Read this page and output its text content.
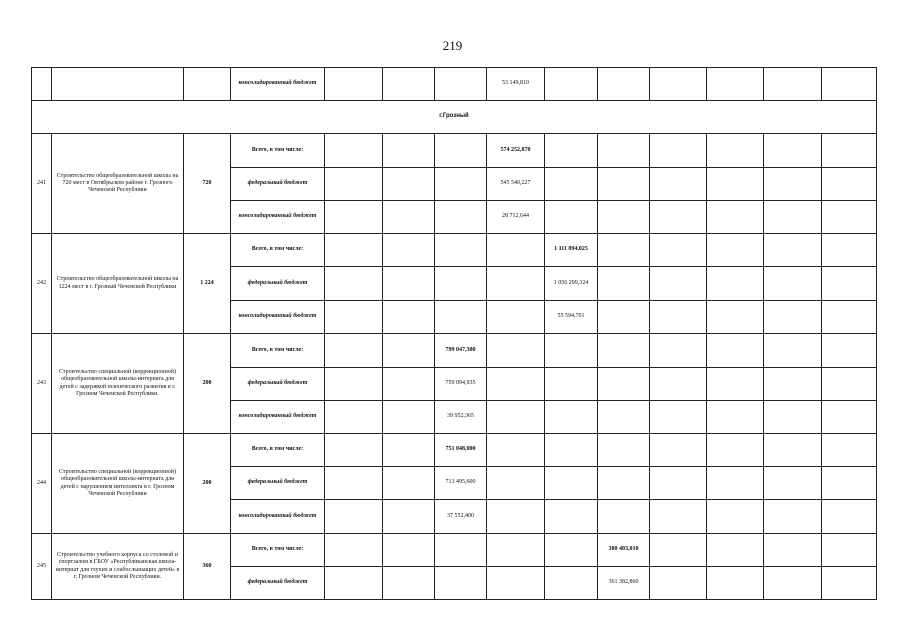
219
			консолидированный бюджет				53 149,810						
г.Грозный													
241	Строительство общеобразовательной школы на 720 мест в Октябрьском районе г. Грозного Чеченской Республики	720	Всего, в том числе:				574 252,870						
			федеральный бюджет				545 540,227						
			консолидированный бюджет				28 712,644						
242	Строительство общеобразовательной школы на 1224 мест в г. Грозный Чеченской Республики	1 224	Всего, в том числе:					1 111 894,025					
			федеральный бюджет					1 056 299,324					
			консолидированный бюджет					55 594,701					
243	Строительство специальной (коррекционной) общеобразовательной школы-интерната для детей с задержкой психического развития в г. Грозном Чеченской Республики.	200	Всего, в том числе:			799 047,300							
			федеральный бюджет			759 094,935							
			консолидированный бюджет			39 952,365							
244	Строительство специальной (коррекционной) общеобразовательной школы-интерната для детей с нарушением интеллекта в г. Грозном Чеченской Республики	200	Всего, в том числе:			751 048,000							
			федеральный бюджет			713 495,600							
			консолидированный бюджет			37 552,400							
245	Строительство учебного корпуса со столовой и спортзалом в ГБОУ «Республиканская школа-интернат для глухих и слабослышащих детей» в г. Грозном Чеченской Республики.	360	Всего, в том числе:						380 403,010				
			федеральный бюджет						361 382,860				
